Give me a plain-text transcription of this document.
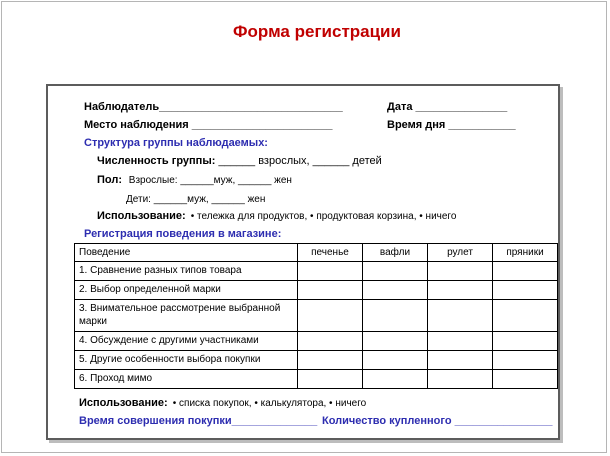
Форма регистрации
Наблюдатель______________________________	Дата _______________
Место наблюдения _______________________	Время дня ___________
Структура группы наблюдаемых:
Численность группы: ______ взрослых, ______ детей
Пол: Взрослые: ______муж, ______ жен
Дети: ______муж, ______ жен
Использование: • тележка для продуктов, • продуктовая корзина, • ничего
Регистрация поведения в магазине:
Поведение	печенье	вафли	рулет	пряники
1. Сравнение разных типов товара				
2. Выбор определенной марки				
3. Внимательное рассмотрение выбранной марки				
4. Обсуждение с другими участниками				
5. Другие особенности выбора покупки				
6. Проход мимо				
Использование: • списка покупок, • калькулятора, • ничего
Время совершения покупки______________ Количество купленного ________________
